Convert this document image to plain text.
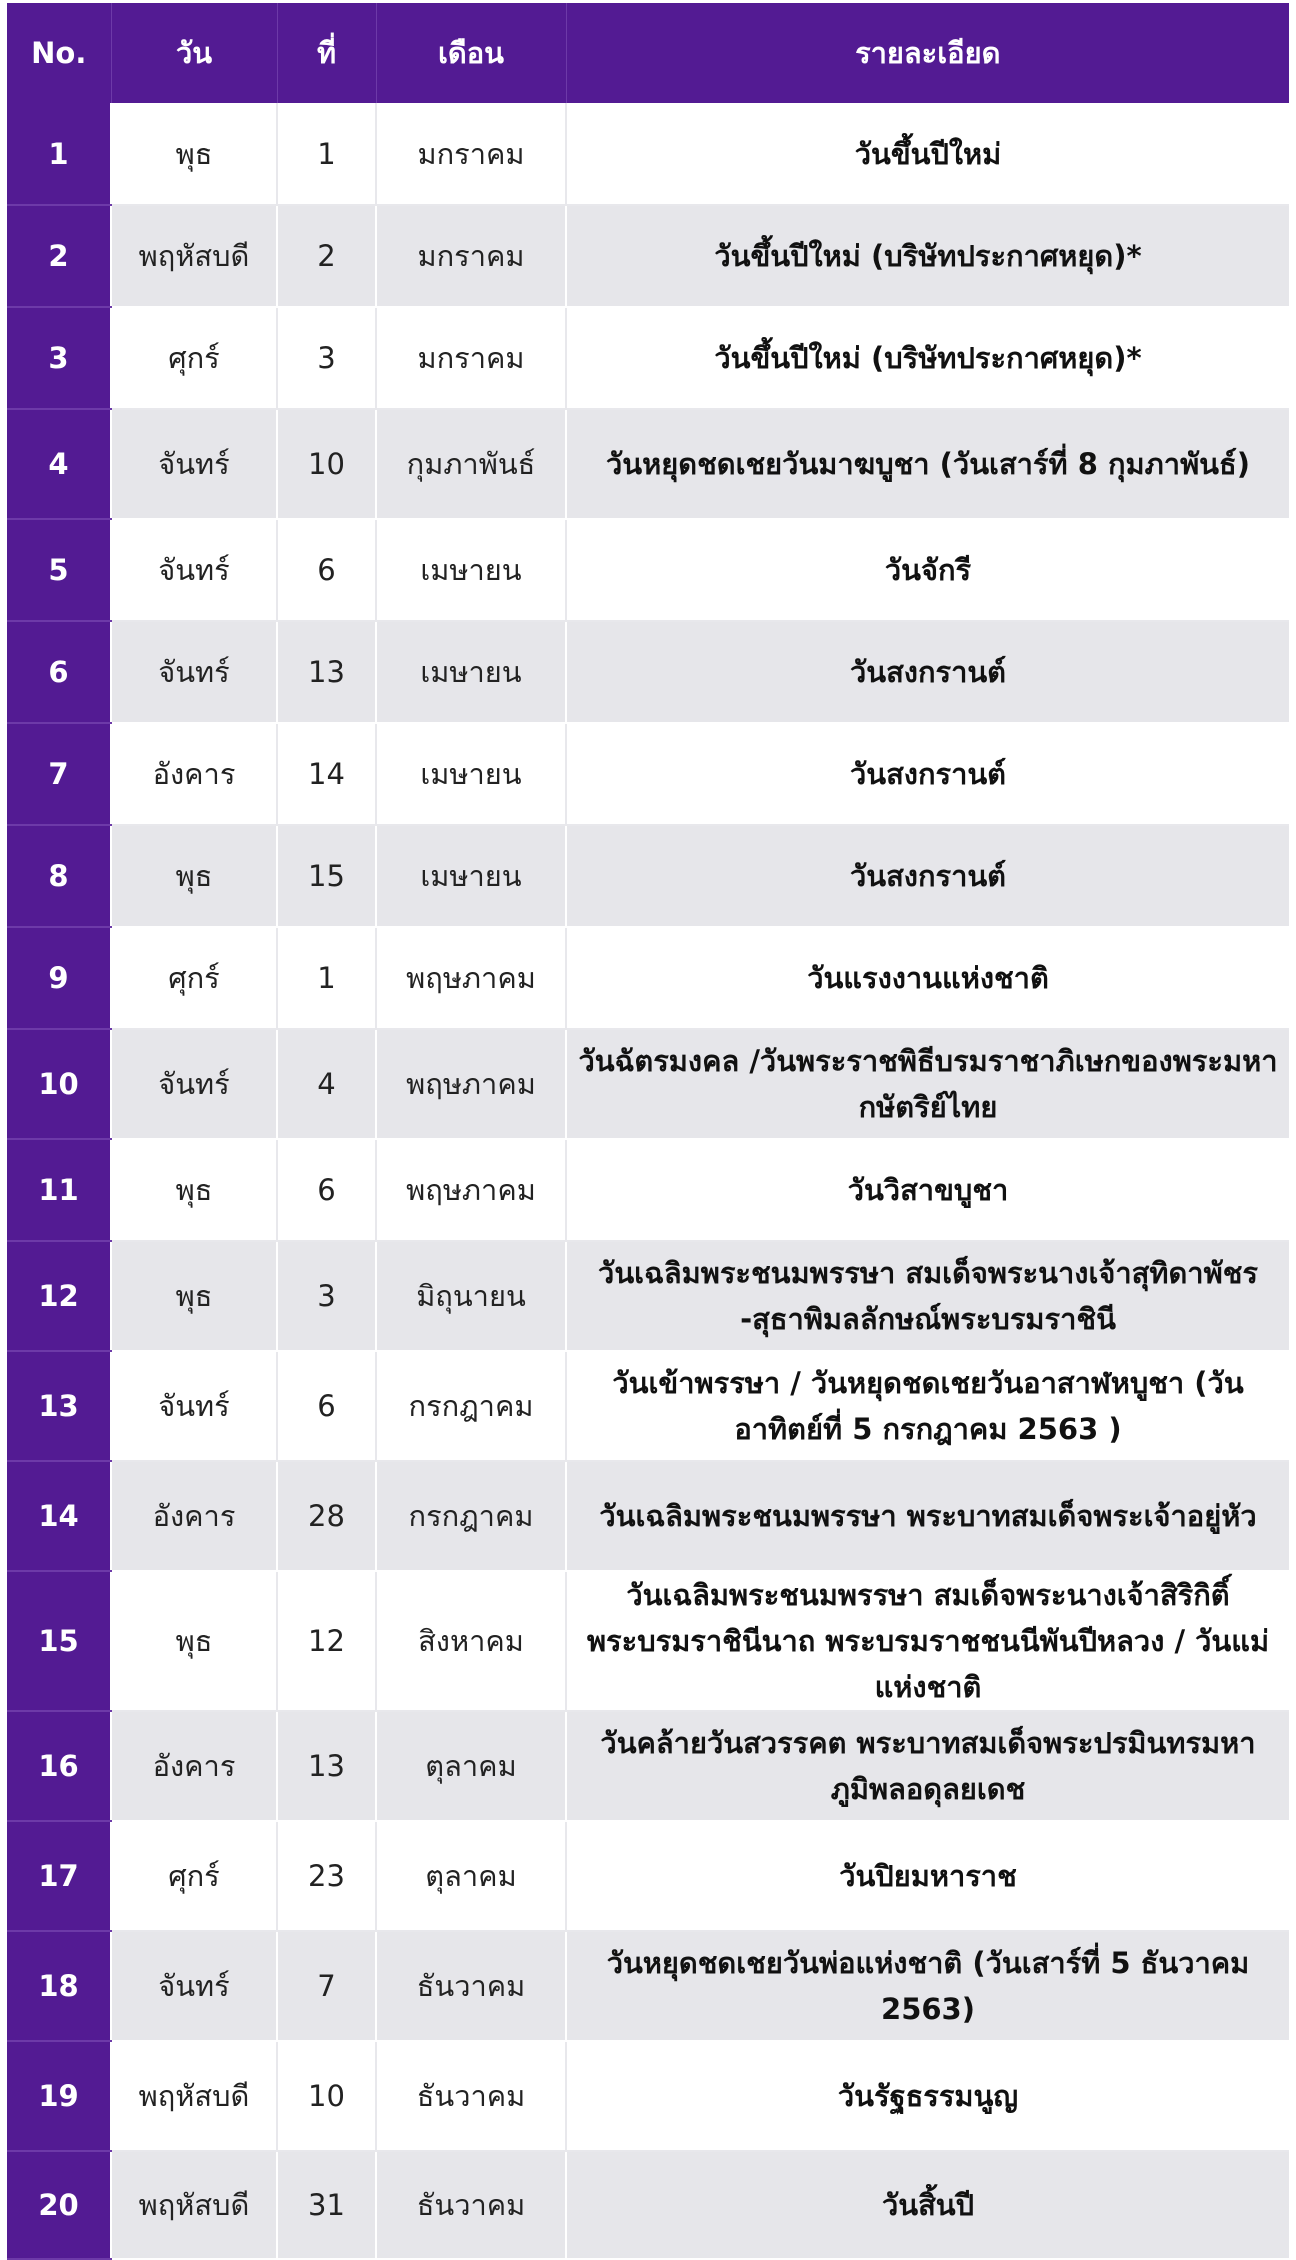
No.	วัน	ที่	เดือน	รายละเอียด
1	พุธ	1	มกราคม	วันขึ้นปีใหม่
2	พฤหัสบดี	2	มกราคม	วันขึ้นปีใหม่ (บริษัทประกาศหยุด)*
3	ศุกร์	3	มกราคม	วันขึ้นปีใหม่ (บริษัทประกาศหยุด)*
4	จันทร์	10	กุมภาพันธ์	วันหยุดชดเชยวันมาฆบูชา (วันเสาร์ที่ 8 กุมภาพันธ์)
5	จันทร์	6	เมษายน	วันจักรี
6	จันทร์	13	เมษายน	วันสงกรานต์
7	อังคาร	14	เมษายน	วันสงกรานต์
8	พุธ	15	เมษายน	วันสงกรานต์
9	ศุกร์	1	พฤษภาคม	วันแรงงานแห่งชาติ
10	จันทร์	4	พฤษภาคม	วันฉัตรมงคล /วันพระราชพิธีบรมราชาภิเษกของพระมหากษัตริย์ไทย
11	พุธ	6	พฤษภาคม	วันวิสาขบูชา
12	พุธ	3	มิถุนายน	วันเฉลิมพระชนมพรรษา สมเด็จพระนางเจ้าสุทิดาพัชร -สุธาพิมลลักษณ์พระบรมราชินี
13	จันทร์	6	กรกฎาคม	วันเข้าพรรษา / วันหยุดชดเชยวันอาสาฬหบูชา (วันอาทิตย์ที่ 5 กรกฎาคม 2563 )
14	อังคาร	28	กรกฎาคม	วันเฉลิมพระชนมพรรษา พระบาทสมเด็จพระเจ้าอยู่หัว
15	พุธ	12	สิงหาคม	วันเฉลิมพระชนมพรรษา สมเด็จพระนางเจ้าสิริกิติ์พระบรมราชินีนาถ พระบรมราชชนนีพันปีหลวง / วันแม่แห่งชาติ
16	อังคาร	13	ตุลาคม	วันคล้ายวันสวรรคต พระบาทสมเด็จพระปรมินทรมหาภูมิพลอดุลยเดช
17	ศุกร์	23	ตุลาคม	วันปิยมหาราช
18	จันทร์	7	ธันวาคม	วันหยุดชดเชยวันพ่อแห่งชาติ (วันเสาร์ที่ 5 ธันวาคม 2563)
19	พฤหัสบดี	10	ธันวาคม	วันรัฐธรรมนูญ
20	พฤหัสบดี	31	ธันวาคม	วันสิ้นปี
